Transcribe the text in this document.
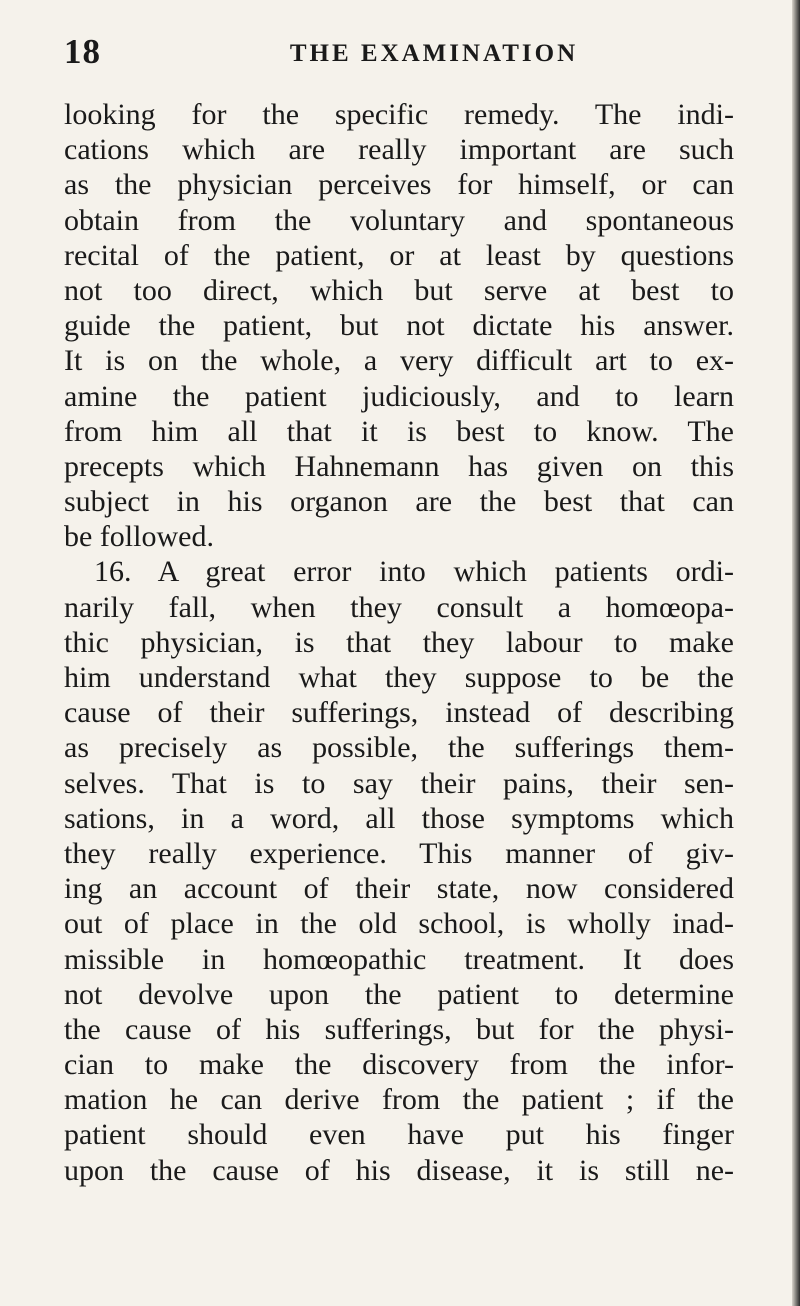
18	THE EXAMINATION
looking for the specific remedy. The indi-
cations which are really important are such
as the physician perceives for himself, or can
obtain from the voluntary and spontaneous
recital of the patient, or at least by questions
not too direct, which but serve at best to
guide the patient, but not dictate his answer.
It is on the whole, a very difficult art to ex-
amine the patient judiciously, and to learn
from him all that it is best to know. The
precepts which Hahnemann has given on this
subject in his organon are the best that can
be followed.
16. A great error into which patients ordi-
narily fall, when they consult a homœopa-
thic physician, is that they labour to make
him understand what they suppose to be the
cause of their sufferings, instead of describing
as precisely as possible, the sufferings them-
selves. That is to say their pains, their sen-
sations, in a word, all those symptoms which
they really experience. This manner of giv-
ing an account of their state, now considered
out of place in the old school, is wholly inad-
missible in homœopathic treatment. It does
not devolve upon the patient to determine
the cause of his sufferings, but for the physi-
cian to make the discovery from the infor-
mation he can derive from the patient ; if the
patient should even have put his finger
upon the cause of his disease, it is still ne-
